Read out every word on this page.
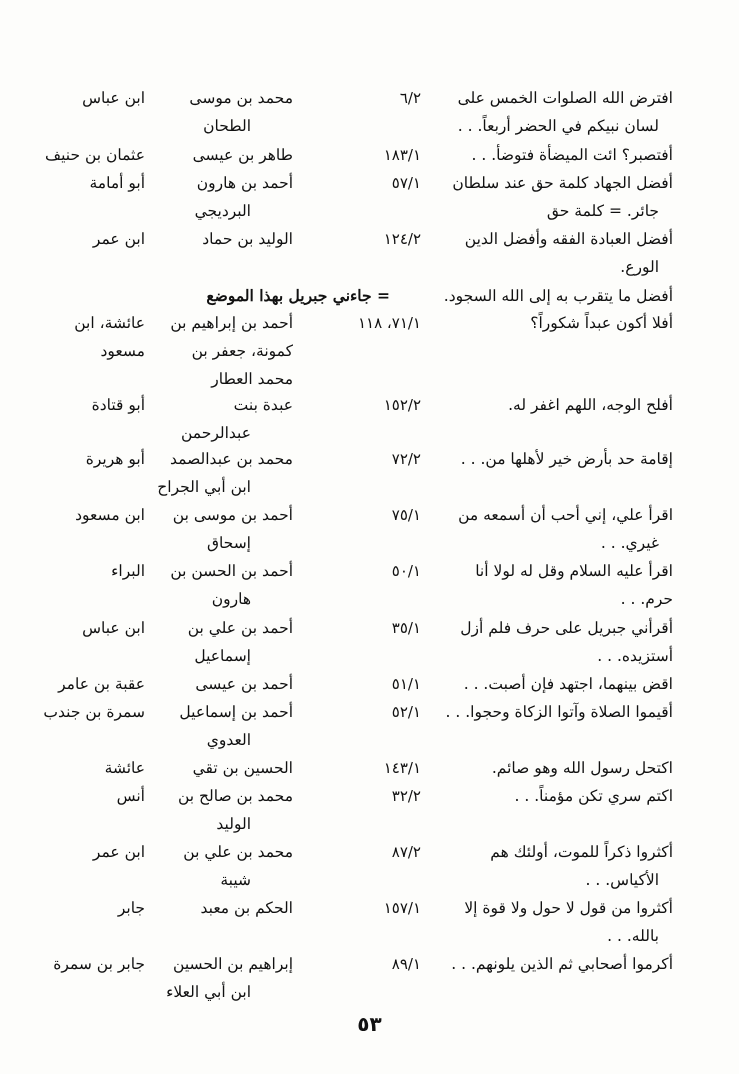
افترض الله الصلوات الخمس على
لسان نبيكم في الحضر أربعاً. . .
٦/٢
محمد بن موسى
الطحان
ابن عباس
أفتصبر؟ ائت الميضأة فتوضأ. . .
١٨٣/١
طاهر بن عيسى
عثمان بن حنيف
أفضل الجهاد كلمة حق عند سلطان
جائر. = كلمة حق
٥٧/١
أحمد بن هارون
البرديجي
أبو أمامة
أفضل العبادة الفقه وأفضل الدين
الورع.
١٢٤/٢
الوليد بن حماد
ابن عمر
أفضل ما يتقرب به إلى الله السجود.
أفلا أكون عبداً شكوراً؟
٧١/١، ١١٨
أحمد بن إبراهيم بن
كمونة، جعفر بن
محمد العطار
عائشة، ابن
مسعود
أفلح الوجه، اللهم اغفر له.
١٥٢/٢
عبدة بنت
عبدالرحمن
أبو قتادة
إقامة حد بأرض خير لأهلها من. . .
٧٢/٢
محمد بن عبدالصمد
ابن أبي الجراح
أبو هريرة
اقرأ علي، إني أحب أن أسمعه من
غيري. . .
٧٥/١
أحمد بن موسى بن
إسحاق
ابن مسعود
اقرأ عليه السلام وقل له لولا أنا
حرم. . .
٥٠/١
أحمد بن الحسن بن
هارون
البراء
أقرأني جبريل على حرف فلم أزل
أستزيده. . .
٣٥/١
أحمد بن علي بن
إسماعيل
ابن عباس
اقض بينهما، اجتهد فإن أصبت. . .
٥١/١
أحمد بن عيسى
عقبة بن عامر
أقيموا الصلاة وآتوا الزكاة وحجوا. . .
٥٢/١
أحمد بن إسماعيل
العدوي
سمرة بن جندب
اكتحل رسول الله وهو صائم.
١٤٣/١
الحسين بن تقي
عائشة
اكتم سري تكن مؤمناً. . .
٣٢/٢
محمد بن صالح بن
الوليد
أنس
أكثروا ذكراً للموت، أولئك هم
الأكياس. . .
٨٧/٢
محمد بن علي بن
شيبة
ابن عمر
أكثروا من قول لا حول ولا قوة إلا
بالله. . .
١٥٧/١
الحكم بن معبد
جابر
أكرموا أصحابي ثم الذين يلونهم. . .
٨٩/١
إبراهيم بن الحسين
ابن أبي العلاء
جابر بن سمرة
= جاءني جبريل بهذا الموضع
٥٣
